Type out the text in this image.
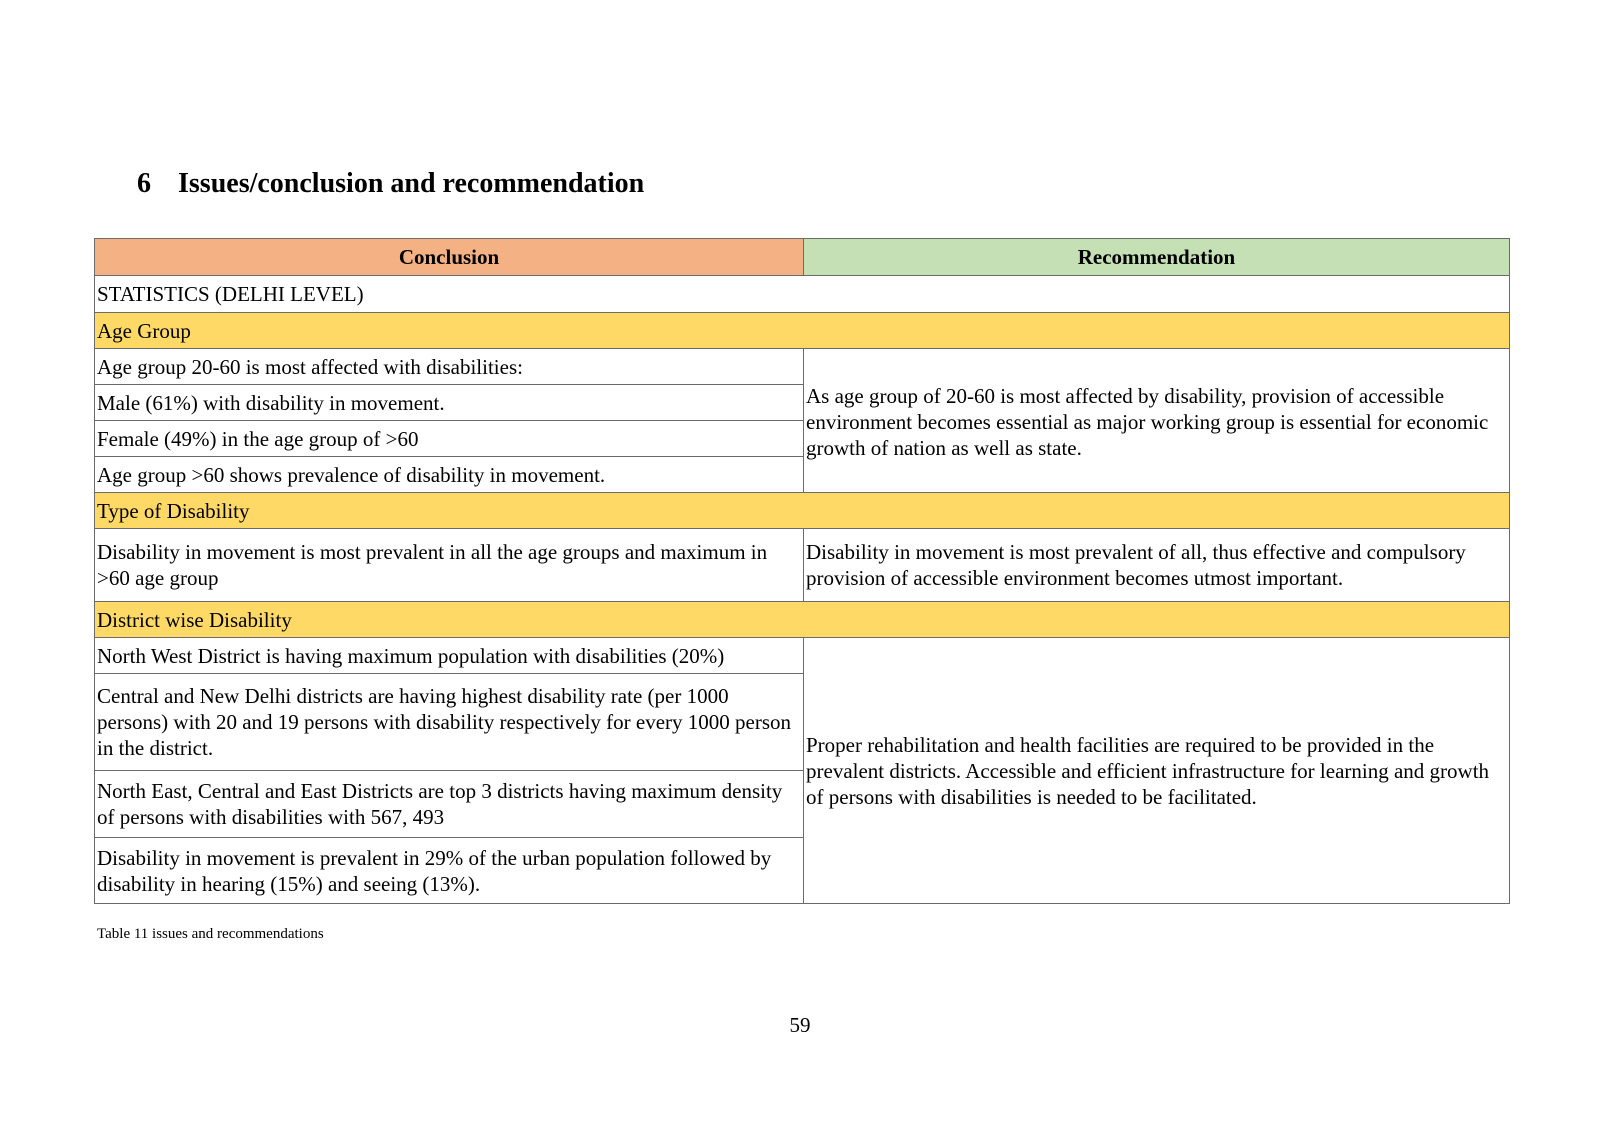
6 Issues/conclusion and recommendation
Conclusion	Recommendation
STATISTICS (DELHI LEVEL)	
Age Group	
Age group 20-60 is most affected with disabilities:	As age group of 20-60 is most affected by disability, provision of accessible environment becomes essential as major working group is essential for economic growth of nation as well as state.
Male (61%) with disability in movement.	
Female (49%) in the age group of >60	
Age group >60 shows prevalence of disability in movement.	
Type of Disability	
Disability in movement is most prevalent in all the age groups and maximum in >60 age group	Disability in movement is most prevalent of all, thus effective and compulsory provision of accessible environment becomes utmost important.
District wise Disability	
North West District is having maximum population with disabilities (20%)	Proper rehabilitation and health facilities are required to be provided in the prevalent districts. Accessible and efficient infrastructure for learning and growth of persons with disabilities is needed to be facilitated.
Central and New Delhi districts are having highest disability rate (per 1000 persons) with 20 and 19 persons with disability respectively for every 1000 person in the district.	
North East, Central and East Districts are top 3 districts having maximum density of persons with disabilities with 567, 493	
Disability in movement is prevalent in 29% of the urban population followed by disability in hearing (15%) and seeing (13%).	

Table 11 issues and recommendations

59
